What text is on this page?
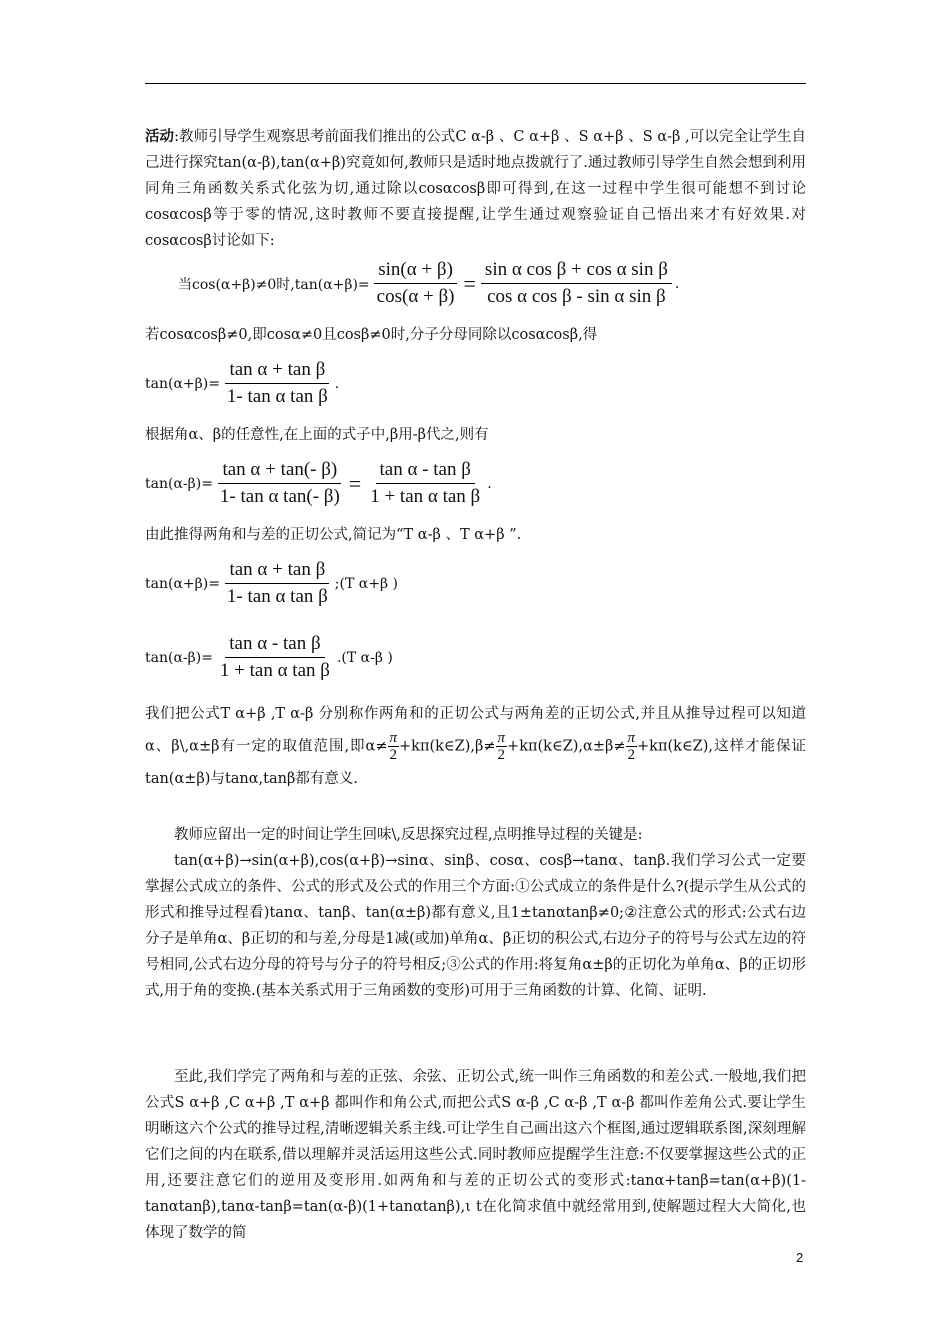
活动:教师引导学生观察思考前面我们推出的公式C α-β 、C α+β 、S α+β 、S α-β ,可以完全让学生自己进行探究tan(α-β),tan(α+β)究竟如何,教师只是适时地点拨就行了.通过教师引导学生自然会想到利用同角三角函数关系式化弦为切,通过除以cosαcosβ即可得到,在这一过程中学生很可能想不到讨论cosαcosβ等于零的情况,这时教师不要直接提醒,让学生通过观察验证自己悟出来才有好效果.对cosαcosβ讨论如下:

当cos(α+β)≠0时$,\tan(\alpha+\beta)= \frac{\sin(\alpha + \beta)}{\cos(\alpha + \beta)} = \frac{\text{sin α cos β + cos α sin β}}{\text{cos α cos β - sin α sin β}}$ .

若cosαcosβ≠0,即cosα≠0且cosβ≠0时,分子分母同除以cosαcosβ,得

$\tan(\alpha+\beta)= \frac{\text{tan α + tan β}}{\text{1- tan α tan β}}$ .

根据角α、β的任意性,在上面的式子中,β用-β代之,则有

$\tan(\alpha-\beta)= \frac{\text{tan α + tan(- β)}}{\text{1- tan α tan(- β)}} = \frac{\text{tan α - tan β}}{\text{1 + tan α tan β}}$ .

由此推得两角和与差的正切公式,简记为“T α-β 、T α+β ”.

$\tan(\alpha+\beta)= \frac{\text{tan α + tan β}}{\text{1- tan α tan β}}$ ;(T α+β )
$\tan(\alpha-\beta)= \frac{\text{tan α - tan β}}{\text{1 + tan α tan β}} .(T$ α-β )

我们把公式T α+β ,T α-β 分别称作两角和的正切公式与两角差的正切公式,并且从推导过程可以知道α、β\,α±β有一定的取值范围,即$\alpha\ne \frac{\pi}{2}$ +kπ(k∈Z),β≠ $\frac{\pi}{2}$ +kπ(k∈Z),α±β≠ $\frac{\pi}{2}$ +kπ(k∈Z),这样才能保证tan(α±β)与tanα,tanβ都有意义.

教师应留出一定的时间让学生回味\,反思探究过程,点明推导过程的关键是:

tan(α+β)→sin(α+β),cos(α+β)→sinα、sinβ、cosα、cosβ→tanα、tanβ.我们学习公式一定要掌握公式成立的条件、公式的形式及公式的作用三个方面:①公式成立的条件是什么?(提示学生从公式的形式和推导过程看)tanα、tanβ、tan(α±β)都有意义,且1±tanαtanβ≠0;②注意公式的形式:公式右边分子是单角α、β正切的和与差,分母是1减(或加)单角α、β正切的积公式,右边分子的符号与公式左边的符号相同,公式右边分母的符号与分子的符号相反;③公式的作用:将复角α±β的正切化为单角α、β的正切形式,用于角的变换.(基本关系式用于三角函数的变形)可用于三角函数的计算、化简、证明.

至此,我们学完了两角和与差的正弦、余弦、正切公式,统一叫作三角函数的和差公式.一般地,我们把公式S α+β ,C α+β ,T α+β 都叫作和角公式,而把公式S α-β ,C α-β ,T α-β 都叫作差角公式.要让学生明晰这六个公式的推导过程,清晰逻辑关系主线.可让学生自己画出这六个框图,通过逻辑联系图,深刻理解它们之间的内在联系,借以理解并灵活运用这些公式.同时教师应提醒学生注意:不仅要掌握这些公式的正用,还要注意它们的逆用及变形用.如两角和与差的正切公式的变形式:tanα+tanβ=tan(α+β)(1-tanαtanβ),tanα-tanβ=tan(α-β)(1+tanαtanβ),ι t在化简求值中就经常用到,使解题过程大大简化,也体现了数学的简

2
